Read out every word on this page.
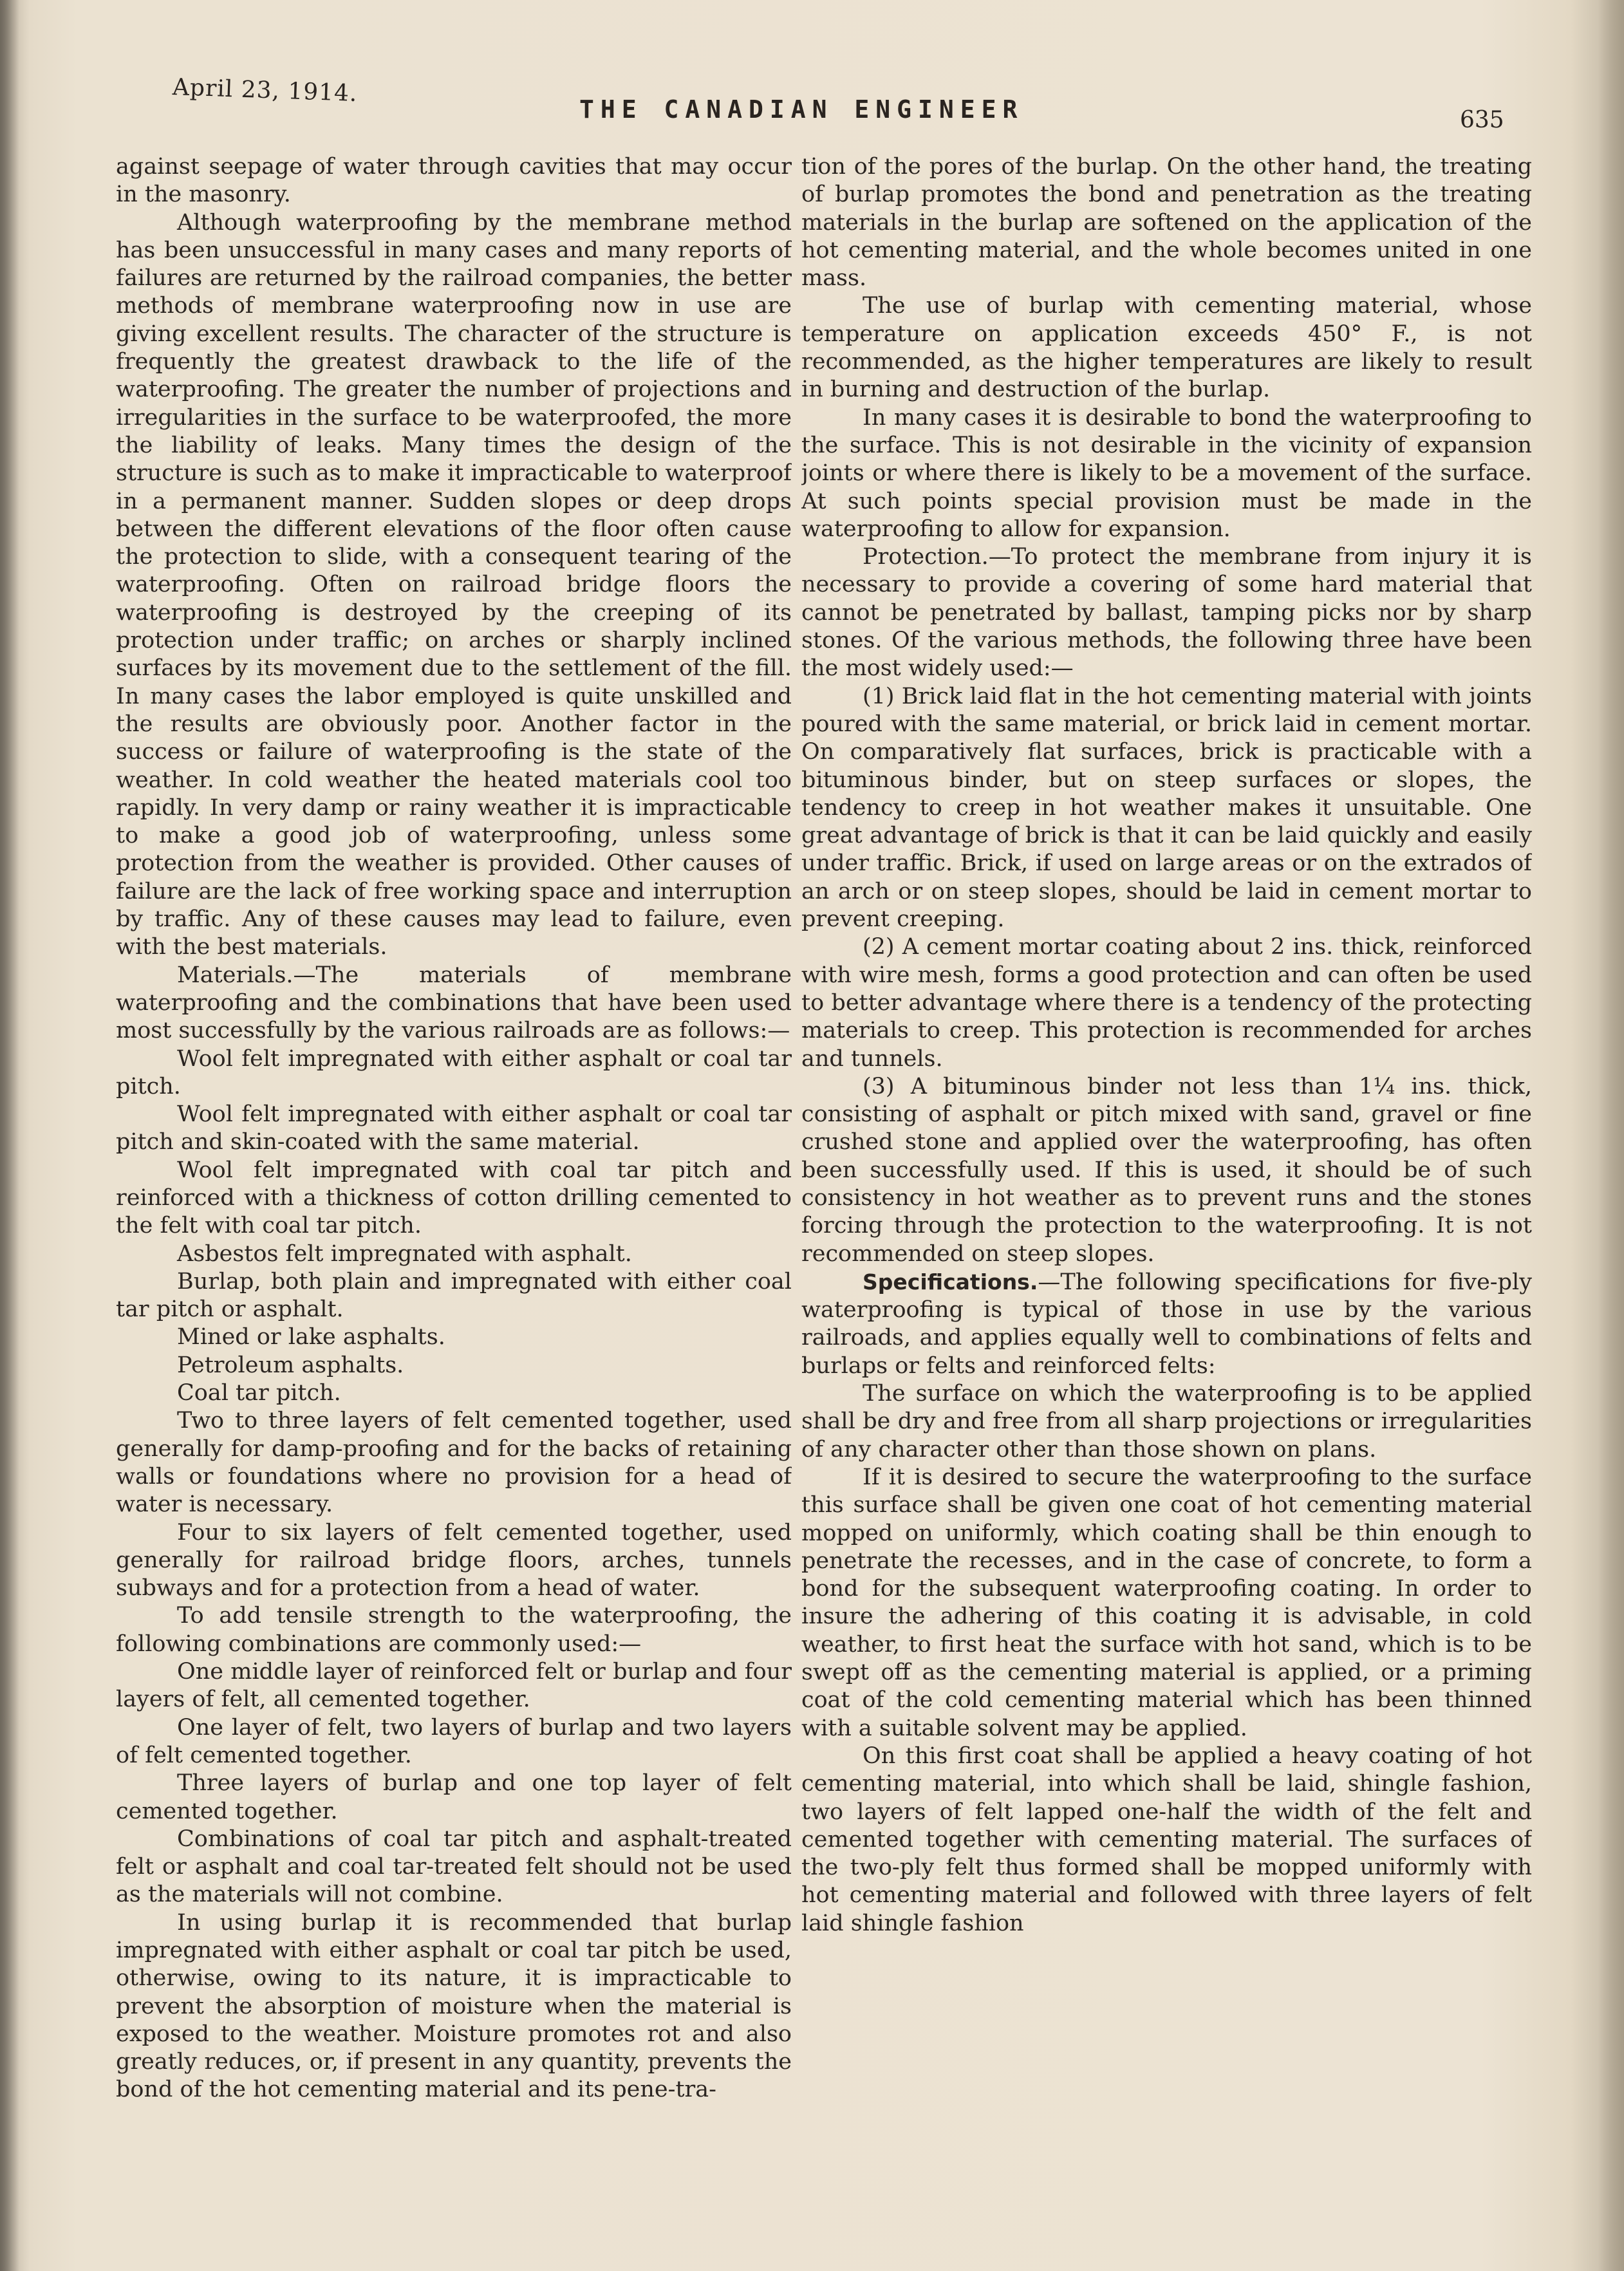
April 23, 1914.
THE CANADIAN ENGINEER	635

against seepage of water through cavities that may occur in the masonry.

Although waterproofing by the membrane method has been unsuccessful in many cases and many reports of failures are returned by the railroad companies, the better methods of membrane waterproofing now in use are giving excellent results. The character of the structure is frequently the greatest drawback to the life of the waterproofing. The greater the number of projections and irregularities in the surface to be waterproofed, the more the liability of leaks. Many times the design of the structure is such as to make it impracticable to waterproof in a permanent manner. Sudden slopes or deep drops between the different elevations of the floor often cause the protection to slide, with a consequent tearing of the waterproofing. Often on railroad bridge floors the waterproofing is destroyed by the creeping of its protection under traffic; on arches or sharply inclined surfaces by its movement due to the settlement of the fill. In many cases the labor employed is quite unskilled and the results are obviously poor. Another factor in the success or failure of waterproofing is the state of the weather. In cold weather the heated materials cool too rapidly. In very damp or rainy weather it is impracticable to make a good job of waterproofing, unless some protection from the weather is provided. Other causes of failure are the lack of free working space and interruption by traffic. Any of these causes may lead to failure, even with the best materials.

Materials.—The materials of membrane waterproofing and the combinations that have been used most successfully by the various railroads are as follows:—

Wool felt impregnated with either asphalt or coal tar pitch.

Wool felt impregnated with either asphalt or coal tar pitch and skin-coated with the same material.

Wool felt impregnated with coal tar pitch and reinforced with a thickness of cotton drilling cemented to the felt with coal tar pitch.

Asbestos felt impregnated with asphalt.

Burlap, both plain and impregnated with either coal tar pitch or asphalt.

Mined or lake asphalts.

Petroleum asphalts.

Coal tar pitch.

Two to three layers of felt cemented together, used generally for damp-proofing and for the backs of retaining walls or foundations where no provision for a head of water is necessary.

Four to six layers of felt cemented together, used generally for railroad bridge floors, arches, tunnels subways and for a protection from a head of water.

To add tensile strength to the waterproofing, the following combinations are commonly used:—

One middle layer of reinforced felt or burlap and four layers of felt, all cemented together.

One layer of felt, two layers of burlap and two layers of felt cemented together.

Three layers of burlap and one top layer of felt cemented together.

Combinations of coal tar pitch and asphalt-treated felt or asphalt and coal tar-treated felt should not be used as the materials will not combine.

In using burlap it is recommended that burlap impregnated with either asphalt or coal tar pitch be used, otherwise, owing to its nature, it is impracticable to prevent the absorption of moisture when the material is exposed to the weather. Moisture promotes rot and also greatly reduces, or, if present in any quantity, prevents the bond of the hot cementing material and its pene-tra-

tion of the pores of the burlap. On the other hand, the treating of burlap promotes the bond and penetration as the treating materials in the burlap are softened on the application of the hot cementing material, and the whole becomes united in one mass.

The use of burlap with cementing material, whose temperature on application exceeds 450° F., is not recommended, as the higher temperatures are likely to result in burning and destruction of the burlap.

In many cases it is desirable to bond the waterproofing to the surface. This is not desirable in the vicinity of expansion joints or where there is likely to be a movement of the surface. At such points special provision must be made in the waterproofing to allow for expansion.

Protection.—To protect the membrane from injury it is necessary to provide a covering of some hard material that cannot be penetrated by ballast, tamping picks nor by sharp stones. Of the various methods, the following three have been the most widely used:—

(1) Brick laid flat in the hot cementing material with joints poured with the same material, or brick laid in cement mortar. On comparatively flat surfaces, brick is practicable with a bituminous binder, but on steep surfaces or slopes, the tendency to creep in hot weather makes it unsuitable. One great advantage of brick is that it can be laid quickly and easily under traffic. Brick, if used on large areas or on the extrados of an arch or on steep slopes, should be laid in cement mortar to prevent creeping.

(2) A cement mortar coating about 2 ins. thick, reinforced with wire mesh, forms a good protection and can often be used to better advantage where there is a tendency of the protecting materials to creep. This protection is recommended for arches and tunnels.

(3) A bituminous binder not less than 1¼ ins. thick, consisting of asphalt or pitch mixed with sand, gravel or fine crushed stone and applied over the waterproofing, has often been successfully used. If this is used, it should be of such consistency in hot weather as to prevent runs and the stones forcing through the protection to the waterproofing. It is not recommended on steep slopes.

Specifications.—The following specifications for five-ply waterproofing is typical of those in use by the various railroads, and applies equally well to combinations of felts and burlaps or felts and reinforced felts:

The surface on which the waterproofing is to be applied shall be dry and free from all sharp projections or irregularities of any character other than those shown on plans.

If it is desired to secure the waterproofing to the surface this surface shall be given one coat of hot cementing material mopped on uniformly, which coating shall be thin enough to penetrate the recesses, and in the case of concrete, to form a bond for the subsequent waterproofing coating. In order to insure the adhering of this coating it is advisable, in cold weather, to first heat the surface with hot sand, which is to be swept off as the cementing material is applied, or a priming coat of the cold cementing material which has been thinned with a suitable solvent may be applied.

On this first coat shall be applied a heavy coating of hot cementing material, into which shall be laid, shingle fashion, two layers of felt lapped one-half the width of the felt and cemented together with cementing material. The surfaces of the two-ply felt thus formed shall be mopped uniformly with hot cementing material and followed with three layers of felt laid shingle fashion
